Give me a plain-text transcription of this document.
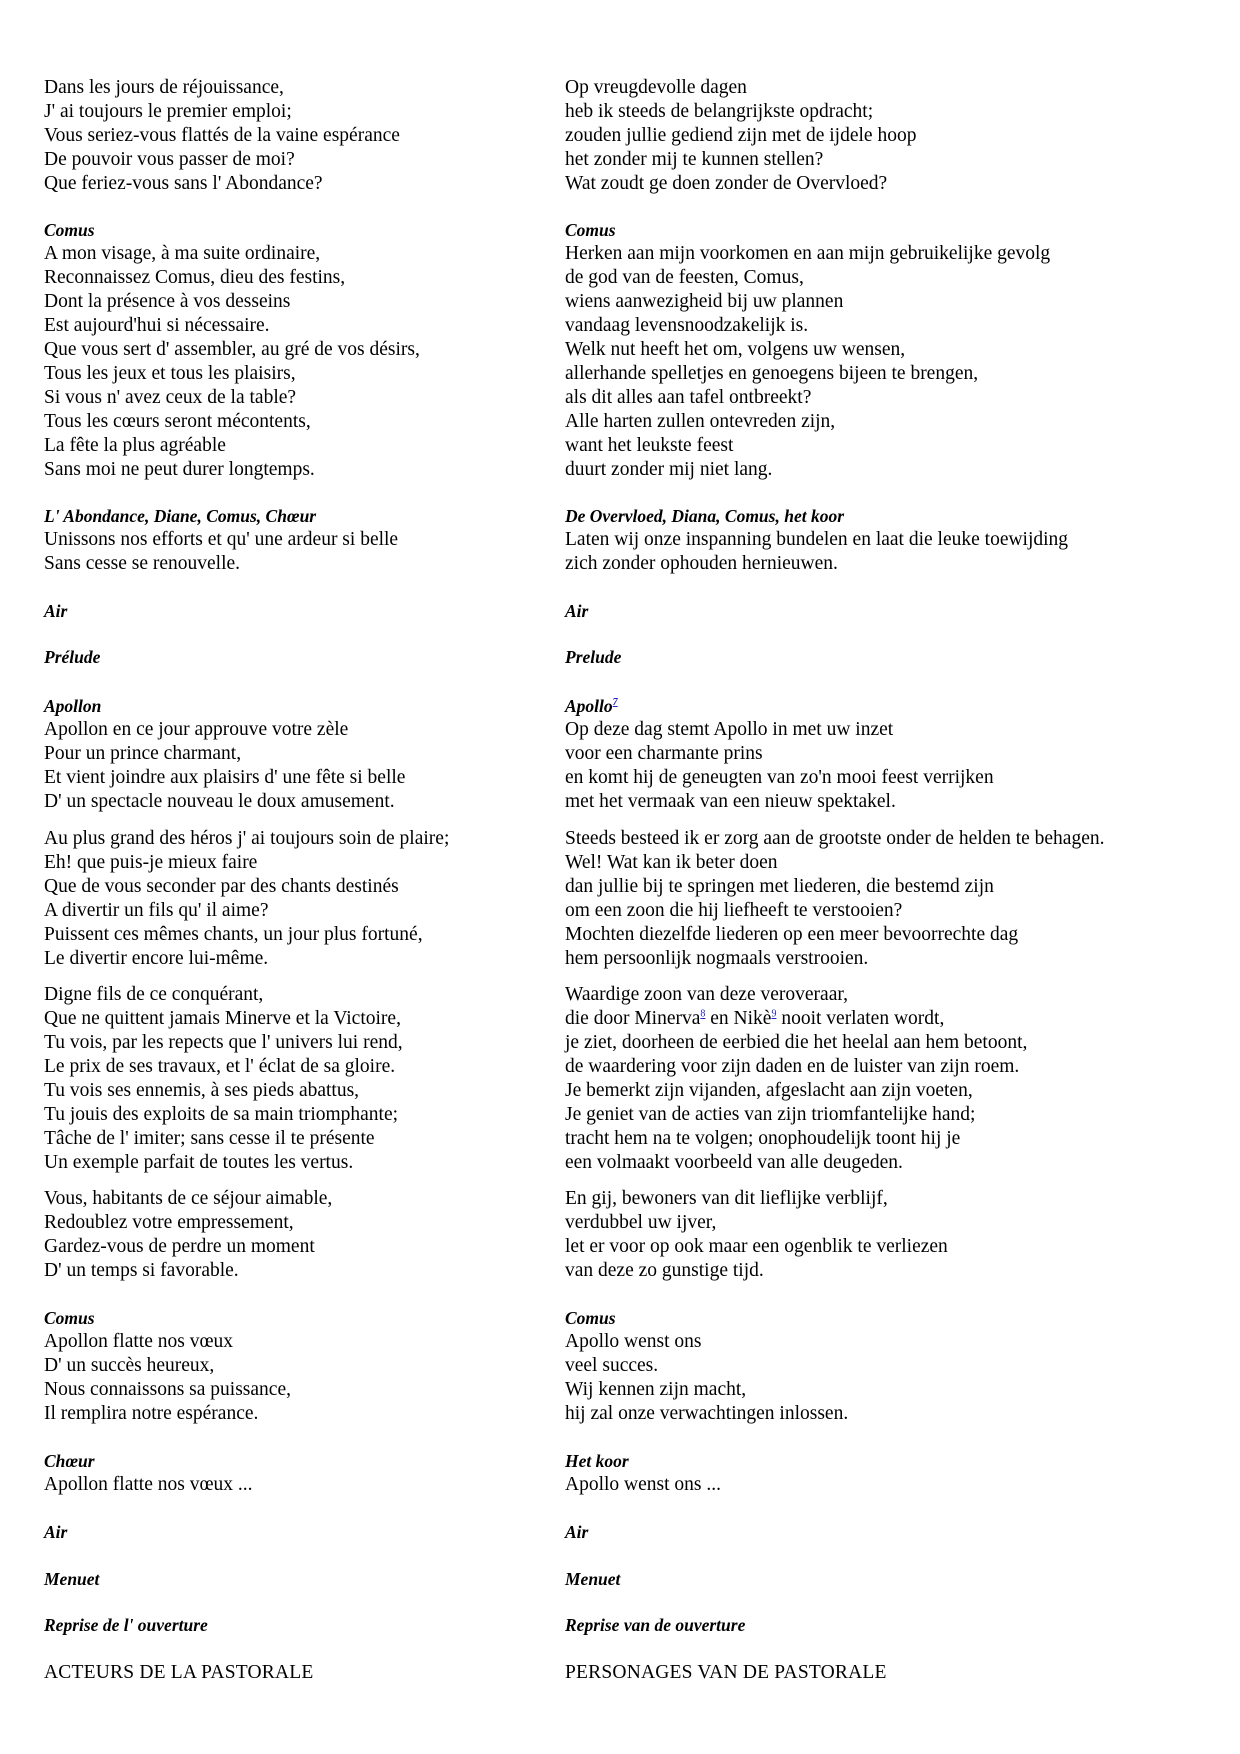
Dans les jours de réjouissance,
J' ai toujours le premier emploi;
Vous seriez-vous flattés de la vaine espérance
De pouvoir vous passer de moi?
Que feriez-vous sans l' Abondance?
Comus
A mon visage, à ma suite ordinaire,
Reconnaissez Comus, dieu des festins,
Dont la présence à vos desseins
Est aujourd'hui si nécessaire.
Que vous sert d' assembler, au gré de vos désirs,
Tous les jeux et tous les plaisirs,
Si vous n' avez ceux de la table?
Tous les cœurs seront mécontents,
La fête la plus agréable
Sans moi ne peut durer longtemps.
L' Abondance, Diane, Comus, Chœur
Unissons nos efforts et qu' une ardeur si belle
Sans cesse se renouvelle.
Air
Prélude
Apollon
Apollon en ce jour approuve votre zèle
Pour un prince charmant,
Et vient joindre aux plaisirs d' une fête si belle
D' un spectacle nouveau le doux amusement.
Au plus grand des héros j' ai toujours soin de plaire;
Eh! que puis-je mieux faire
Que de vous seconder par des chants destinés
A divertir un fils qu' il aime?
Puissent ces mêmes chants, un jour plus fortuné,
Le divertir encore lui-même.
Digne fils de ce conquérant,
Que ne quittent jamais Minerve et la Victoire,
Tu vois, par les repects que l' univers lui rend,
Le prix de ses travaux, et l' éclat de sa gloire.
Tu vois ses ennemis, à ses pieds abattus,
Tu jouis des exploits de sa main triomphante;
Tâche de l' imiter; sans cesse il te présente
Un exemple parfait de toutes les vertus.
Vous, habitants de ce séjour aimable,
Redoublez votre empressement,
Gardez-vous de perdre un moment
D' un temps si favorable.
Comus
Apollon flatte nos vœux
D' un succès heureux,
Nous connaissons sa puissance,
Il remplira notre espérance.
Chœur
Apollon flatte nos vœux ...
Air
Menuet
Reprise de l' ouverture
ACTEURS DE LA PASTORALE
Op vreugdevolle dagen
heb ik steeds de belangrijkste opdracht;
zouden jullie gediend zijn met de ijdele hoop
het zonder mij te kunnen stellen?
Wat zoudt ge doen zonder de Overvloed?
Comus
Herken aan mijn voorkomen en aan mijn gebruikelijke gevolg
de god van de feesten, Comus,
wiens aanwezigheid bij uw plannen
vandaag levensnoodzakelijk is.
Welk nut heeft het om, volgens uw wensen,
allerhande spelletjes en genoegens bijeen te brengen,
als dit alles aan tafel ontbreekt?
Alle harten zullen ontevreden zijn,
want het leukste feest
duurt zonder mij niet lang.
De Overvloed, Diana, Comus, het koor
Laten wij onze inspanning bundelen en laat die leuke toewijding
zich zonder ophouden hernieuwen.
Air
Prelude
Apollo$^7$
Op deze dag stemt Apollo in met uw inzet
voor een charmante prins
en komt hij de geneugten van zo'n mooi feest verrijken
met het vermaak van een nieuw spektakel.
Steeds besteed ik er zorg aan de grootste onder de helden te behagen.
Wel! Wat kan ik beter doen
dan jullie bij te springen met liederen, die bestemd zijn
om een zoon die hij liefheeft te verstooien?
Mochten diezelfde liederen op een meer bevoorrechte dag
hem persoonlijk nogmaals verstrooien.
Waardige zoon van deze veroveraar,
die door Minerva$^8$ en Nikè$^9$ nooit verlaten wordt,
je ziet, doorheen de eerbied die het heelal aan hem betoont,
de waardering voor zijn daden en de luister van zijn roem.
Je bemerkt zijn vijanden, afgeslacht aan zijn voeten,
Je geniet van de acties van zijn triomfantelijke hand;
tracht hem na te volgen; onophoudelijk toont hij je
een volmaakt voorbeeld van alle deugeden.
En gij, bewoners van dit lieflijke verblijf,
verdubbel uw ijver,
let er voor op ook maar een ogenblik te verliezen
van deze zo gunstige tijd.
Comus
Apollo wenst ons
veel succes.
Wij kennen zijn macht,
hij zal onze verwachtingen inlossen.
Het koor
Apollo wenst ons ...
Air
Menuet
Reprise van de ouverture
PERSONAGES VAN DE PASTORALE
